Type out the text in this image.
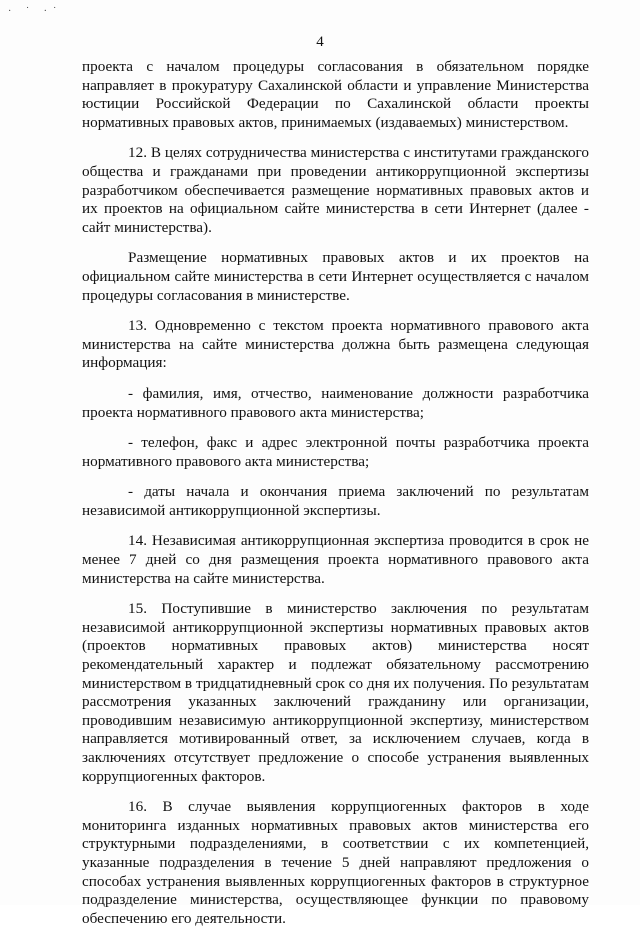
· ˙ ·˙
4

проекта с началом процедуры согласования в обязательном порядке направляет в прокуратуру Сахалинской области и управление Министерства юстиции Российской Федерации по Сахалинской области проекты нормативных правовых актов, принимаемых (издаваемых) министерством.

12. В целях сотрудничества министерства с институтами гражданского общества и гражданами при проведении антикоррупционной экспертизы разработчиком обеспечивается размещение нормативных правовых актов и их проектов на официальном сайте министерства в сети Интернет (далее - сайт министерства).

Размещение нормативных правовых актов и их проектов на официальном сайте министерства в сети Интернет осуществляется с началом процедуры согласования в министерстве.

13. Одновременно с текстом проекта нормативного правового акта министерства на сайте министерства должна быть размещена следующая информация:

- фамилия, имя, отчество, наименование должности разработчика проекта нормативного правового акта министерства;

- телефон, факс и адрес электронной почты разработчика проекта нормативного правового акта министерства;

- даты начала и окончания приема заключений по результатам независимой антикоррупционной экспертизы.

14. Независимая антикоррупционная экспертиза проводится в срок не менее 7 дней со дня размещения проекта нормативного правового акта министерства на сайте министерства.

15. Поступившие в министерство заключения по результатам независимой антикоррупционной экспертизы нормативных правовых актов (проектов нормативных правовых актов) министерства носят рекомендательный характер и подлежат обязательному рассмотрению министерством в тридцатидневный срок со дня их получения. По результатам рассмотрения указанных заключений гражданину или организации, проводившим независимую антикоррупционной экспертизу, министерством направляется мотивированный ответ, за исключением случаев, когда в заключениях отсутствует предложение о способе устранения выявленных коррупциогенных факторов.

16. В случае выявления коррупциогенных факторов в ходе мониторинга изданных нормативных правовых актов министерства его структурными подразделениями, в соответствии с их компетенцией, указанные подразделения в течение 5 дней направляют предложения о способах устранения выявленных коррупциогенных факторов в структурное подразделение министерства, осуществляющее функции по правовому обеспечению его деятельности.
